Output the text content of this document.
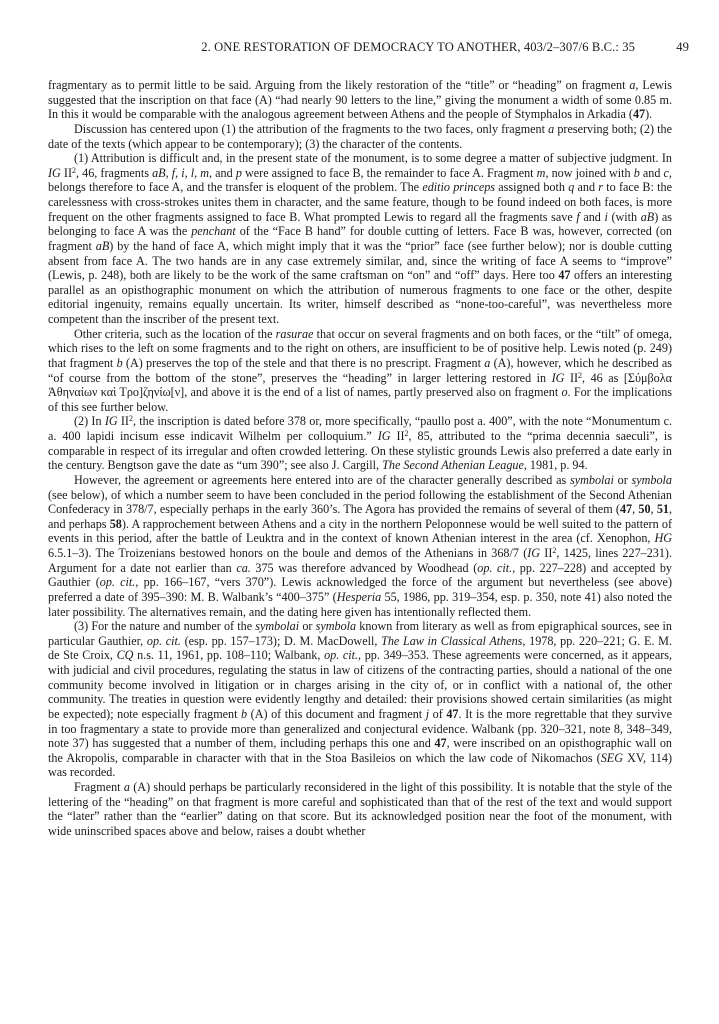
2. ONE RESTORATION OF DEMOCRACY TO ANOTHER, 403/2–307/6 B.C.: 35	49

fragmentary as to permit little to be said. Arguing from the likely restoration of the “title” or “heading” on fragment a, Lewis suggested that the inscription on that face (A) “had nearly 90 letters to the line,” giving the monument a width of some 0.85 m. In this it would be comparable with the analogous agreement between Athens and the people of Stymphalos in Arkadia (47).

Discussion has centered upon (1) the attribution of the fragments to the two faces, only fragment a preserving both; (2) the date of the texts (which appear to be contemporary); (3) the character of the contents.

(1) Attribution is difficult and, in the present state of the monument, is to some degree a matter of subjective judgment. In IG $II^2$, 46, fragments aB, f, i, l, m, and p were assigned to face B, the remainder to face A. Fragment m, now joined with b and c, belongs therefore to face A, and the transfer is eloquent of the problem. The editio princeps assigned both q and r to face B: the carelessness with cross-strokes unites them in character, and the same feature, though to be found indeed on both faces, is more frequent on the other fragments assigned to face B. What prompted Lewis to regard all the fragments save f and i (with aB) as belonging to face A was the penchant of the “Face B hand” for double cutting of letters. Face B was, however, corrected (on fragment aB) by the hand of face A, which might imply that it was the “prior” face (see further below); nor is double cutting absent from face A. The two hands are in any case extremely similar, and, since the writing of face A seems to “improve” (Lewis, p. 248), both are likely to be the work of the same craftsman on “on” and “off” days. Here too 47 offers an interesting parallel as an opisthographic monument on which the attribution of numerous fragments to one face or the other, despite editorial ingenuity, remains equally uncertain. Its writer, himself described as “none-too-careful”, was nevertheless more competent than the inscriber of the present text.

Other criteria, such as the location of the rasurae that occur on several fragments and on both faces, or the “tilt” of omega, which rises to the left on some fragments and to the right on others, are insufficient to be of positive help. Lewis noted (p. 249) that fragment b (A) preserves the top of the stele and that there is no prescript. Fragment a (A), however, which he described as “of course from the bottom of the stone”, preserves the “heading” in larger lettering restored in IG $II^2$, 46 as [Σύμβολα Ἀθηναίων καὶ Τρο]ζηνίω[ν], and above it is the end of a list of names, partly preserved also on fragment o. For the implications of this see further below.

(2) In IG $II^2$, the inscription is dated before 378 or, more specifically, “paullo post a. 400”, with the note “Monumentum c. a. 400 lapidi incisum esse indicavit Wilhelm per colloquium.” IG $II^2$, 85, attributed to the “prima decennia saeculi”, is comparable in respect of its irregular and often crowded lettering. On these stylistic grounds Lewis also preferred a date early in the century. Bengtson gave the date as “um 390”; see also J. Cargill, The Second Athenian League, 1981, p. 94.

However, the agreement or agreements here entered into are of the character generally described as symbolai or symbola (see below), of which a number seem to have been concluded in the period following the establishment of the Second Athenian Confederacy in 378/7, especially perhaps in the early 360’s. The Agora has provided the remains of several of them (47, 50, 51, and perhaps 58). A rapprochement between Athens and a city in the northern Peloponnese would be well suited to the pattern of events in this period, after the battle of Leuktra and in the context of known Athenian interest in the area (cf. Xenophon, HG 6.5.1–3). The Troizenians bestowed honors on the boule and demos of the Athenians in 368/7 (IG $II^2$, 1425, lines 227–231). Argument for a date not earlier than ca. 375 was therefore advanced by Woodhead (op. cit., pp. 227–228) and accepted by Gauthier (op. cit., pp. 166–167, “vers 370”). Lewis acknowledged the force of the argument but nevertheless (see above) preferred a date of 395–390: M. B. Walbank’s “400–375” (Hesperia 55, 1986, pp. 319–354, esp. p. 350, note 41) also noted the later possibility. The alternatives remain, and the dating here given has intentionally reflected them.

(3) For the nature and number of the symbolai or symbola known from literary as well as from epigraphical sources, see in particular Gauthier, op. cit. (esp. pp. 157–173); D. M. MacDowell, The Law in Classical Athens, 1978, pp. 220–221; G. E. M. de Ste Croix, CQ n.s. 11, 1961, pp. 108–110; Walbank, op. cit., pp. 349–353. These agreements were concerned, as it appears, with judicial and civil procedures, regulating the status in law of citizens of the contracting parties, should a national of the one community become involved in litigation or in charges arising in the city of, or in conflict with a national of, the other community. The treaties in question were evidently lengthy and detailed: their provisions showed certain similarities (as might be expected); note especially fragment b (A) of this document and fragment j of 47. It is the more regrettable that they survive in too fragmentary a state to provide more than generalized and conjectural evidence. Walbank (pp. 320–321, note 8, 348–349, note 37) has suggested that a number of them, including perhaps this one and 47, were inscribed on an opisthographic wall on the Akropolis, comparable in character with that in the Stoa Basileios on which the law code of Nikomachos (SEG XV, 114) was recorded.

Fragment a (A) should perhaps be particularly reconsidered in the light of this possibility. It is notable that the style of the lettering of the “heading” on that fragment is more careful and sophisticated than that of the rest of the text and would support the “later” rather than the “earlier” dating on that score. But its acknowledged position near the foot of the monument, with wide uninscribed spaces above and below, raises a doubt whether
